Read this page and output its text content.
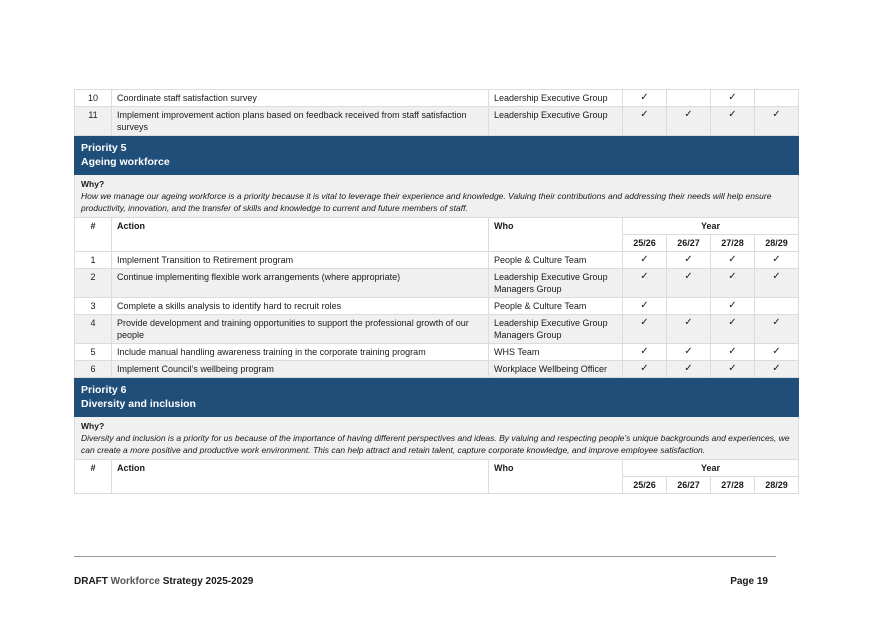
10	Coordinate staff satisfaction survey	Leadership Executive Group	✓		✓	
11	Implement improvement action plans based on feedback received from staff satisfaction surveys	Leadership Executive Group	✓	✓	✓	✓

Priority 5
Ageing workforce						

Why?
How we manage our ageing workforce is a priority because it is vital to leverage their experience and knowledge. Valuing their contributions and addressing their needs will help ensure productivity, innovation, and the transfer of skills and knowledge to current and future members of staff.						

#	Action	Who	Year			
			25/26	26/27	27/28	28/29
1	Implement Transition to Retirement program	People & Culture Team	✓	✓	✓	✓
2	Continue implementing flexible work arrangements (where appropriate)	Leadership Executive Group Managers Group	✓	✓	✓	✓
3	Complete a skills analysis to identify hard to recruit roles	People & Culture Team	✓		✓	
4	Provide development and training opportunities to support the professional growth of our people	Leadership Executive Group Managers Group	✓	✓	✓	✓
5	Include manual handling awareness training in the corporate training program	WHS Team	✓	✓	✓	✓
6	Implement Council’s wellbeing program	Workplace Wellbeing Officer	✓	✓	✓	✓

Priority 6
Diversity and inclusion						

Why?
Diversity and inclusion is a priority for us because of the importance of having different perspectives and ideas. By valuing and respecting people’s unique backgrounds and experiences, we can create a more positive and productive work environment. This can help attract and retain talent, capture corporate knowledge, and improve employee satisfaction.						

#	Action	Who	Year			
			25/26	26/27	27/28	28/29
DRAFT Workforce Strategy 2025-2029	Page 19
